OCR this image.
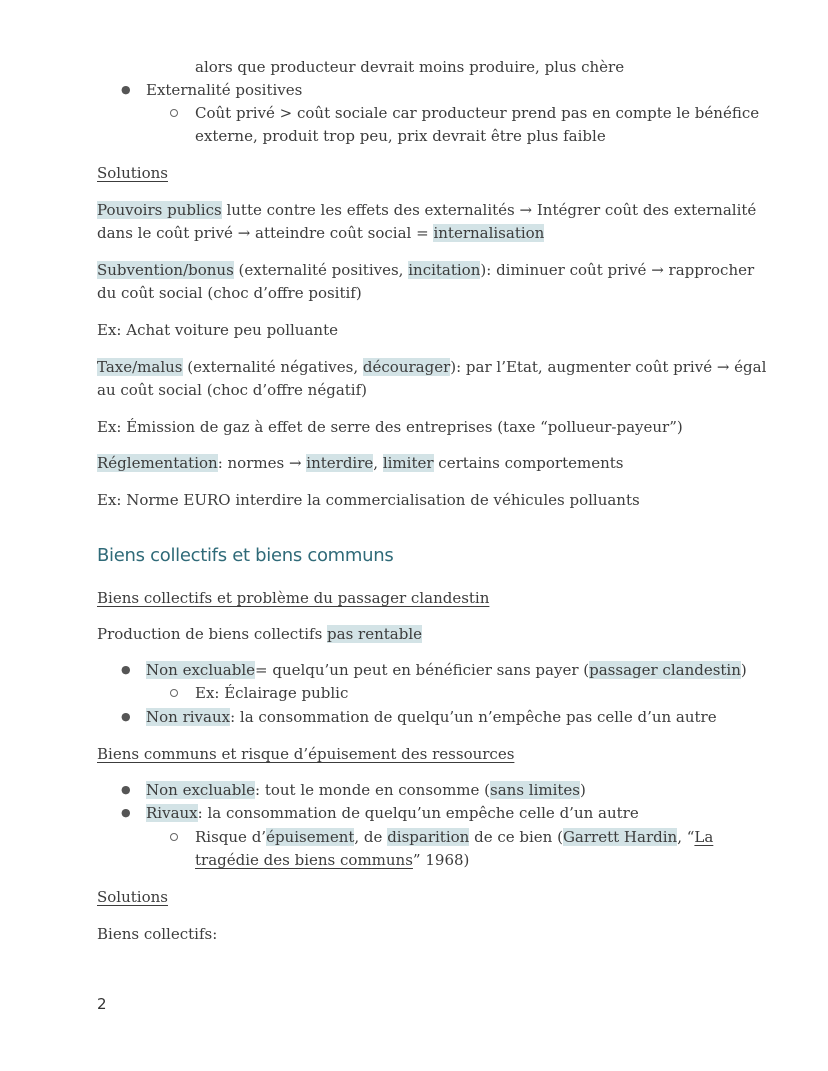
alors que producteur devrait moins produire, plus chère
● Externalité positives
Coût privé > coût sociale car producteur prend pas en compte le bénéfice
externe, produit trop peu, prix devrait être plus faible
Solutions
Pouvoirs publics lutte contre les effets des externalités → Intégrer coût des externalité
dans le coût privé → atteindre coût social = internalisation
Subvention/bonus (externalité positives, incitation): diminuer coût privé → rapprocher
du coût social (choc d’offre positif)
Ex: Achat voiture peu polluante
Taxe/malus (externalité négatives, décourager): par l’Etat, augmenter coût privé → égal
au coût social (choc d’offre négatif)
Ex: Émission de gaz à effet de serre des entreprises (taxe “pollueur-payeur”)
Réglementation: normes → interdire, limiter certains comportements
Ex: Norme EURO interdire la commercialisation de véhicules polluants
Biens collectifs et biens communs
Biens collectifs et problème du passager clandestin
Production de biens collectifs pas rentable
● Non excluable= quelqu’un peut en bénéficier sans payer (passager clandestin)
Ex: Éclairage public
● Non rivaux: la consommation de quelqu’un n’empêche pas celle d’un autre
Biens communs et risque d’épuisement des ressources
● Non excluable: tout le monde en consomme (sans limites)
● Rivaux: la consommation de quelqu’un empêche celle d’un autre
Risque d’épuisement, de disparition de ce bien (Garrett Hardin, “La
tragédie des biens communs” 1968)
Solutions
Biens collectifs:
2
